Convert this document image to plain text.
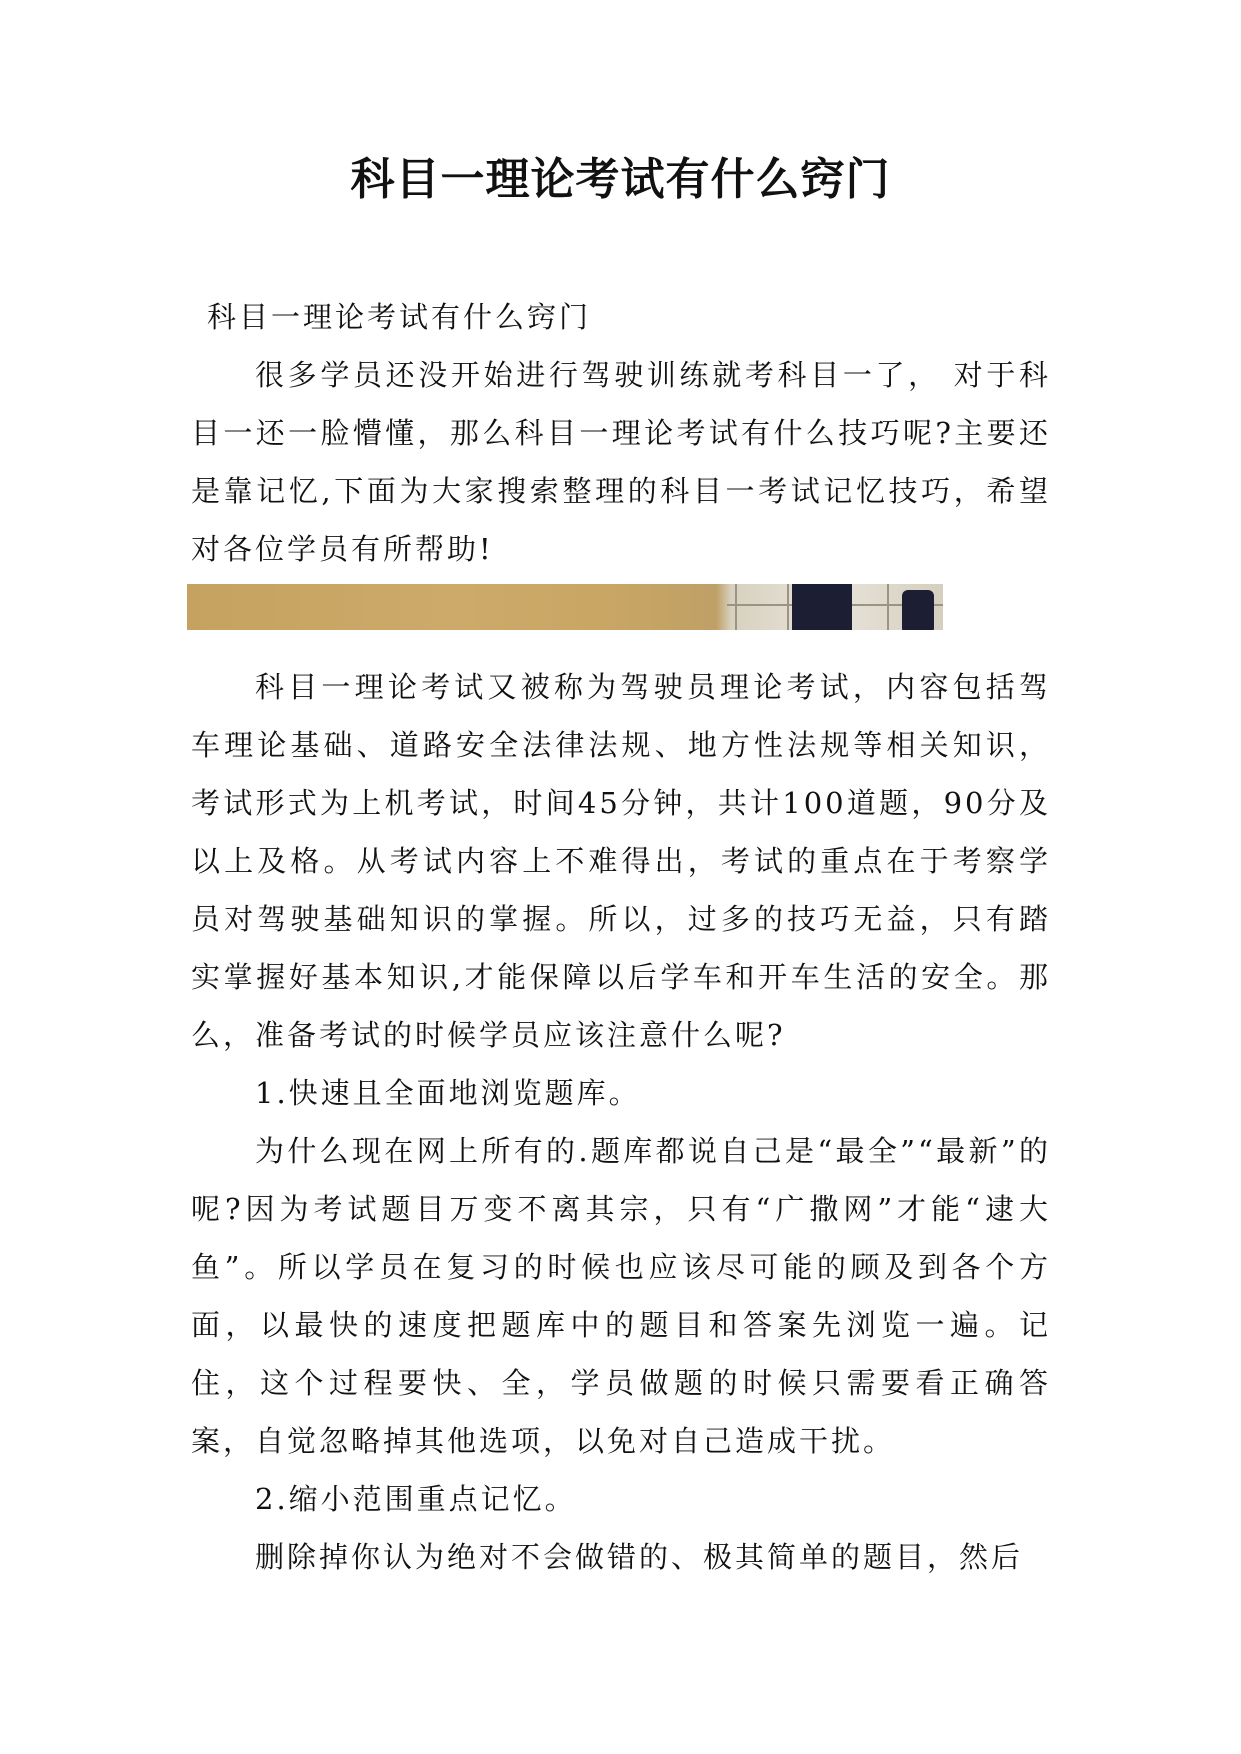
科目一理论考试有什么窍门

科目一理论考试有什么窍门

很多学员还没开始进行驾驶训练就考科目一了， 对于科目一还一脸懵懂，那么科目一理论考试有什么技巧呢?主要还是靠记忆,下面为大家搜索整理的科目一考试记忆技巧，希望对各位学员有所帮助!

科目一理论考试又被称为驾驶员理论考试，内容包括驾车理论基础、道路安全法律法规、地方性法规等相关知识，考试形式为上机考试，时间45分钟，共计100道题，90分及以上及格。从考试内容上不难得出，考试的重点在于考察学员对驾驶基础知识的掌握。所以，过多的技巧无益，只有踏实掌握好基本知识,才能保障以后学车和开车生活的安全。那么，准备考试的时候学员应该注意什么呢?

1.快速且全面地浏览题库。

为什么现在网上所有的.题库都说自己是“最全”“最新”的呢?因为考试题目万变不离其宗，只有“广撒网”才能“逮大鱼”。所以学员在复习的时候也应该尽可能的顾及到各个方面，以最快的速度把题库中的题目和答案先浏览一遍。记住，这个过程要快、全，学员做题的时候只需要看正确答案，自觉忽略掉其他选项，以免对自己造成干扰。

2.缩小范围重点记忆。

删除掉你认为绝对不会做错的、极其简单的题目，然后
